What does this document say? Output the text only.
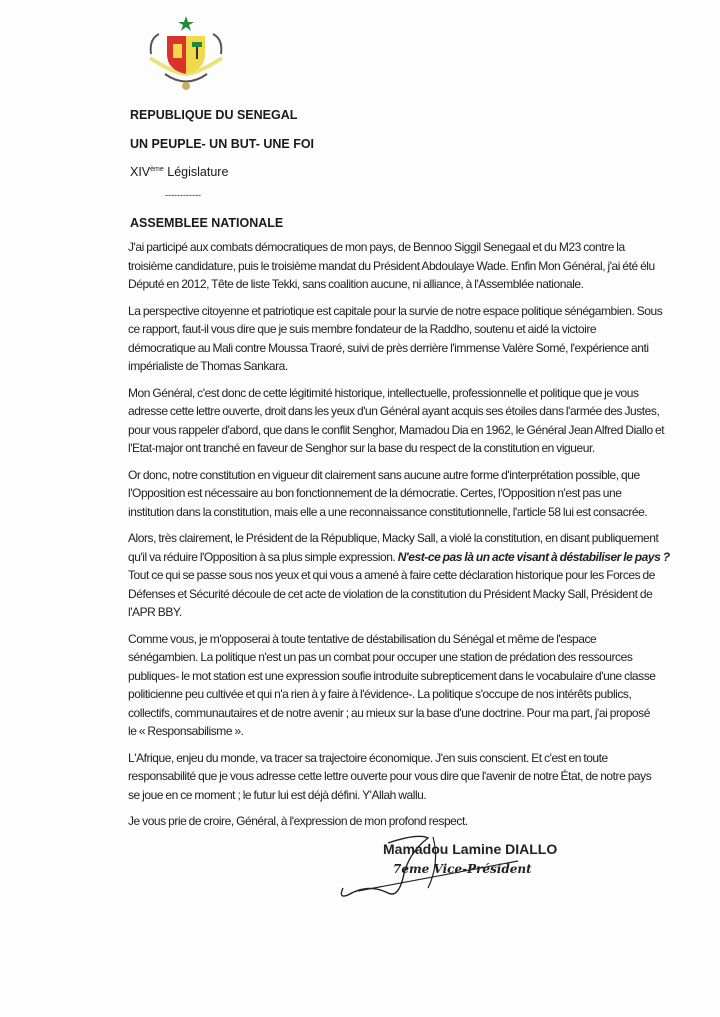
REPUBLIQUE DU SENEGAL
UN PEUPLE- UN BUT- UNE FOI
XIVème Législature
------------
ASSEMBLEE NATIONALE
J'ai participé aux combats démocratiques de mon pays, de Bennoo Siggil Senegaal et du M23 contre la
troisième candidature, puis le troisième mandat du Président Abdoulaye Wade. Enfin Mon Général, j'ai été élu
Député en 2012, Tête de liste Tekki, sans coalition aucune, ni alliance, à l'Assemblée nationale.
La perspective citoyenne et patriotique est capitale pour la survie de notre espace politique sénégambien. Sous
ce rapport, faut-il vous dire que je suis membre fondateur de la Raddho, soutenu et aidé la victoire
démocratique au Mali contre Moussa Traoré, suivi de près derrière l'immense Valère Somé, l'expérience anti
impérialiste de Thomas Sankara.
Mon Général, c'est donc de cette légitimité historique, intellectuelle, professionnelle et politique que je vous
adresse cette lettre ouverte, droit dans les yeux d'un Général ayant acquis ses étoiles dans l'armée des Justes,
pour vous rappeler d'abord, que dans le conflit Senghor, Mamadou Dia en 1962, le Général Jean Alfred Diallo et
l'Etat-major ont tranché en faveur de Senghor sur la base du respect de la constitution en vigueur.
Or donc, notre constitution en vigueur dit clairement sans aucune autre forme d'interprétation possible, que
l'Opposition est nécessaire au bon fonctionnement de la démocratie. Certes, l'Opposition n'est pas une
institution dans la constitution, mais elle a une reconnaissance constitutionnelle, l'article 58 lui est consacrée.
Alors, très clairement, le Président de la République, Macky Sall, a violé la constitution, en disant publiquement
qu'il va réduire l'Opposition à sa plus simple expression. N'est-ce pas là un acte visant à déstabiliser le pays ?
Tout ce qui se passe sous nos yeux et qui vous a amené à faire cette déclaration historique pour les Forces de
Défenses et Sécurité découle de cet acte de violation de la constitution du Président Macky Sall, Président de
l'APR BBY.
Comme vous, je m'opposerai à toute tentative de déstabilisation du Sénégal et même de l'espace
sénégambien. La politique n'est un pas un combat pour occuper une station de prédation des ressources
publiques- le mot station est une expression soufie introduite subrepticement dans le vocabulaire d'une classe
politicienne peu cultivée et qui n'a rien à y faire à l'évidence-. La politique s'occupe de nos intérêts publics,
collectifs, communautaires et de notre avenir ; au mieux sur la base d'une doctrine. Pour ma part, j'ai proposé
le « Responsabilisme ».
L'Afrique, enjeu du monde, va tracer sa trajectoire économique. J'en suis conscient. Et c'est en toute
responsabilité que je vous adresse cette lettre ouverte pour vous dire que l'avenir de notre État, de notre pays
se joue en ce moment ; le futur lui est déjà défini. Y'Allah wallu.
Je vous prie de croire, Général, à l'expression de mon profond respect.
Mamadou Lamine DIALLO
7eme Vice-Président
